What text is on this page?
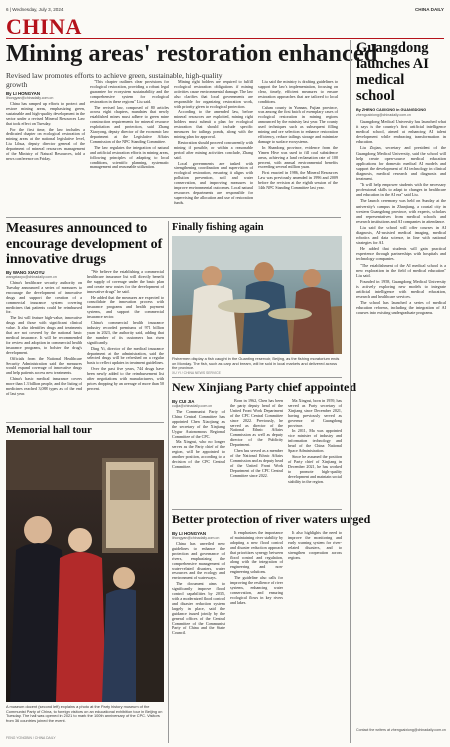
6 | Wednesday, July 3, 2024	CHINA DAILY
CHINA
Mining areas' restoration enhanced
Revised law promotes efforts to achieve green, sustainable, high-quality growth
By LI HONGYAN
lihongyan@chinadaily.com.cn

China has ramped up efforts to protect and restore mining areas, emphasizing green, sustainable and high-quality development in the sector under a revised Mineral Resources Law that took effect on Tuesday.

For the first time, the law includes a dedicated chapter on ecological restoration of mining areas at the national legislative level, Liu Lihua, deputy director general of the department of mineral resources management of the Ministry of Natural Resources, told a news conference on Friday.

"This chapter outlines clear provisions for ecological restoration, providing a robust legal guarantee for ecosystem sustainability and the comprehensive system for ecological restoration in these regions" Liu said.

The revised law, composed of 80 articles across eight chapters, mandates that newly established mines must adhere to green mine construction requirements for mineral resource exploitation and protection, said Zhang Xiaoyong, deputy director of the economic law department at the Legislative Affairs Commission of the NPC Standing Committee.

The law regulates the integration of natural and artificial restoration efforts in mining areas, following principles of adapting to local conditions, scientific planning, systematic management and reasonable utilization.

Mining right holders are required to fulfill ecological restoration obligations if mining activities cause environmental damage. The law also clarifies that local governments are responsible for organizing restoration work, with priority given to ecological protection.

According to the amended law, before mineral resources are exploited, mining right holders must submit a plan for ecological restoration that should include specific measures for tailings ponds, along with the mining plan for approval.

Restoration should proceed concurrently with mining if possible, or within a reasonable period after mining activities conclude, Zhang said.

Local governments are tasked with strengthening coordination and supervision of ecological restoration, ensuring it aligns with pollution prevention, soil and water conservation, and improving measures to improve environmental outcomes. Local natural resources departments are responsible for supervising the allocation and use of restoration funds.

Liu said the ministry is drafting guidelines to support the law's implementation, focusing on clear, timely, efficient measures to ensure restoration approaches that are tailored to local conditions.

Calum county in Yunnan, Fujian province, was among the first batch of exemplary cases of ecological restoration in mining regions announced by the ministry last year. The county used techniques such as subsequent filling mining and ore selection to enhance restoration efficiency, reduce tailings storage and minimize damage to surface ecosystems.

In Shandong province, evidence from the Yimen Hive was used to fill coal subsidence areas, achieving a land reclamation rate of 100 percent, with annual environmental benefits exceeding several million yuan.

First enacted in 1986, the Mineral Resources Law was previously amended in 1996 and 2009 before the revision at the eighth session of the 14th NPC Standing Committee last year.

Measures announced to encourage development of innovative drugs
By WANG XIAOYU
wangxiaoyu@chinadaily.com.cn

China's healthcare security authority on Tuesday announced a series of measures to encourage the development of innovative drugs and support the creation of a commercial insurance system covering medicines that patients could be reimbursed for.

The list will feature high-value, innovative drugs and those with significant clinical value. It also identifies drugs and treatments that are not covered by the national basic medical insurance. It will be recommended for review and adoption in commercial health insurance programs, to bolster the drug's development.

Officials from the National Healthcare Security Administration said the measures would expand coverage of innovative drugs and help patients access new treatments.

China's basic medical insurance covers more than 1.3 billion people, and the listing of medicines reached 3,088 types as of the end of last year.

"We believe the establishing a commercial healthcare insurance list will directly benefit the supply of coverage under the basic plan and create new routes for the development of innovative drugs" he said.

He added that the measures are expected to consolidate the innovation process with insurance programs and health payment systems, and support the commercial insurance sector.

China's commercial health insurance industry recorded premiums of 971 billion yuan in 2023, the authority said, adding that the number of its customers has risen significantly.

Ding Yi, director of the medical insurance department at the administration, said the selected drugs will be refreshed on a regular basis to reflect updates in treatment guidelines.

Over the past five years, 744 drugs have been newly added to the reimbursement list after negotiations with manufacturers, with prices dropping by an average of more than 50 percent.

Memorial hall tour
A museum docent (second left) explains a photo at the Party history museum of the Communist Party of China, to foreign visitors on an educational exhibition tour in Beijing on Tuesday. The hall was opened in 2021 to mark the 100th anniversary of the CPC. Visitors from 36 countries joined the event.
FENG YONGBIN / CHINA DAILY
Finally fishing again
Fishermen display a fish caught in the Guanting reservoir, Beijing, as the fishing moratorium ends on Monday. The fish, such as carp and bream, will be sold in local markets and delivered across the province.
XU YI / CHINA NEWS SERVICE
New Xinjiang Party chief appointed
By CUI JIA
cuijia@chinadaily.com.cn

The Communist Party of China Central Committee has appointed Chen Xiaojiang as the secretary of the Xinjiang Uygur Autonomous Regional Committee of the CPC.

Ma Xingrui, who no longer serves as the Party chief of the region, will be appointed to another position, according to a decision of the CPC Central Committee.

Born in 1962, Chen has been the party deputy head of the United Front Work Department of the CPC Central Committee since 2022. Previously, he served as director of the National Ethnic Affairs Commission as well as deputy director of the Publicity Department.

Chen has served as a member of the National Ethnic Affairs Commission and as deputy head of the United Front Work Department of the CPC Central Committee since 2022.

Ma Xingrui, born in 1959, has served as Party secretary of Xinjiang since December 2021, having previously served as governor of Guangdong province.

In 2011, Ma was appointed vice minister of industry and information technology and head of the China National Space Administration.

Since he assumed the position of Party chief of Xinjiang in December 2021, he has worked to promote high-quality development and maintain social stability in the region.

Better protection of river waters urged
By LI HONGYAN
lihongyan@chinadaily.com.cn

China has unveiled new guidelines to enhance the protection and governance of rivers, emphasizing the comprehensive management of water-related disasters, water resources and the ecology and environment of waterways.

The document aims to significantly improve flood control capabilities by 2035, with a modernized flood control and disaster reduction system largely in place, said the guidance issued jointly by the general offices of the Central Committee of the Communist Party of China and the State Council.

It emphasizes the importance of maintaining river stability by adopting a new flood control and disaster reduction approach that prioritizes synergy between flood control and regulation, along with the integration of engineering and non-engineering solutions.

The guideline also calls for improving the resilience of river systems, enhancing water conservation, and ensuring ecological flows in key rivers and lakes.

It also highlights the need to improve the monitoring and early warning system for river-related disasters, and to strengthen cooperation across regions.

Guangdong launches AI medical school
By ZHENG CAIXIONG in GUANGDONG
zhengcaixiong@chinadaily.com.cn

Guangdong Medical University has launched what it says is the country's first artificial intelligence medical school, aimed at enhancing AI talent development while embracing transformation in education.

Liu Ziqian, secretary and president of the Guangdong Medical University, said the school will help create open-source medical education applications for domestic medical AI models and support the development of AI technology in clinical diagnosis, medical research and diagnosis and treatment.

"It will help empower students with the necessary professional skills to adapt to changes in healthcare and education in the AI era" said Liu.

The launch ceremony was held on Sunday at the university's campus in Zhanjiang, a coastal city in western Guangdong province, with experts, scholars and representatives from medical schools and research institutions and AI companies in attendance.

Liu said the school will offer courses in AI diagnosis, AI-assisted medical imaging, medical robotics and data science, in line with national strategies for AI.

He added that students will gain practical experience through partnerships with hospitals and technology companies.

"The establishment of the AI medical school is a new exploration in the field of medical education" Liu said.

Founded in 1958, Guangdong Medical University is actively exploring new models to integrate artificial intelligence with medical education, research and healthcare services.

The school has launched a series of medical education reforms, including the integration of AI courses into existing undergraduate programs.

Contact the writers at zhengcaixiong@chinadaily.com.cn
